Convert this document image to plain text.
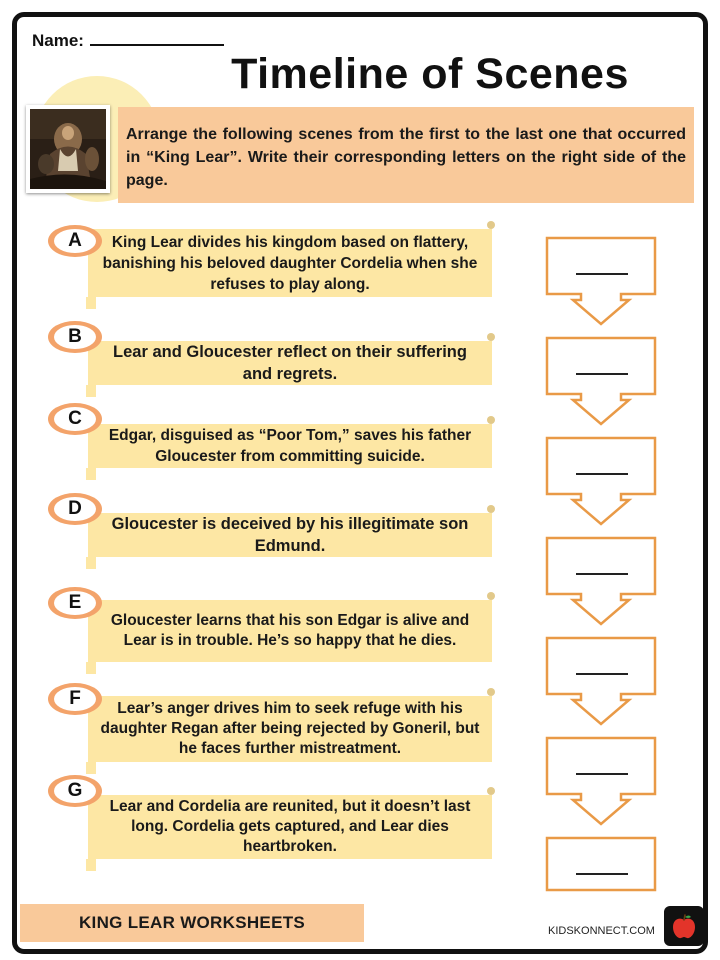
Name:
Timeline of Scenes
Arrange the following scenes from the first to the last one that occurred in “King Lear”. Write their corresponding letters on the right side of the page.
King Lear divides his kingdom based on flattery, banishing his beloved daughter Cordelia when she refuses to play along.
A
Lear and Gloucester reflect on their suffering and regrets.
B
Edgar, disguised as “Poor Tom,” saves his father Gloucester from committing suicide.
C
Gloucester is deceived by his illegitimate son Edmund.
D
Gloucester learns that his son Edgar is alive and Lear is in trouble. He’s so happy that he dies.
E
Lear’s anger drives him to seek refuge with his daughter Regan after being rejected by Goneril, but he faces further mistreatment.
F
Lear and Cordelia are reunited, but it doesn’t last long. Cordelia gets captured, and Lear dies heartbroken.
G
KING LEAR WORKSHEETS	KIDSKONNECT.COM
